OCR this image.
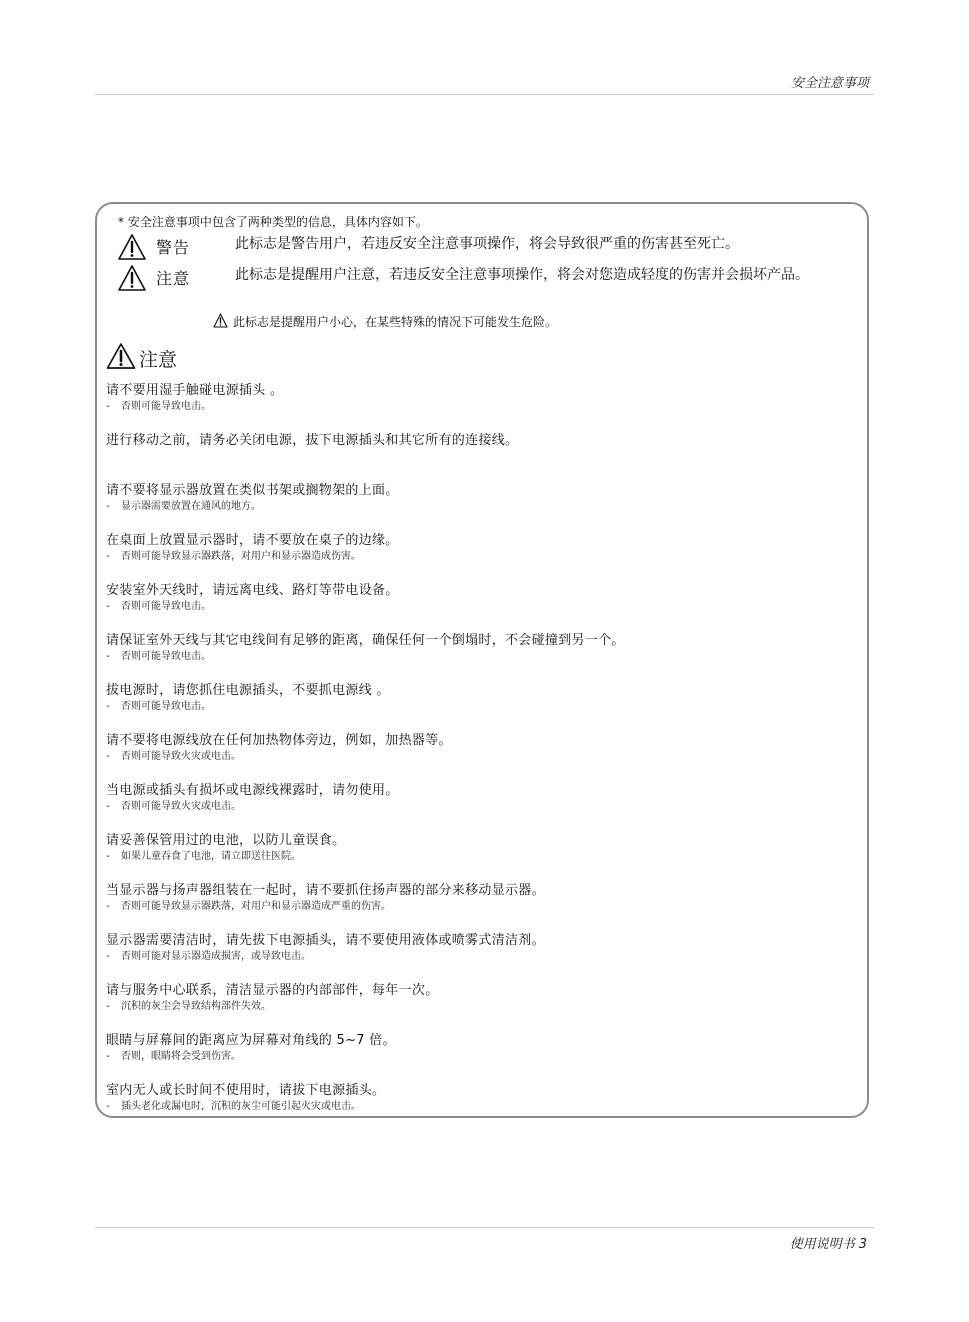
安全注意事项
* 安全注意事项中包含了两种类型的信息，具体内容如下。
警告	此标志是警告用户，若违反安全注意事项操作，将会导致很严重的伤害甚至死亡。
注意	此标志是提醒用户注意，若违反安全注意事项操作，将会对您造成轻度的伤害并会损坏产品。
此标志是提醒用户小心，在某些特殊的情况下可能发生危险。
注意
请不要用湿手触碰电源插头 。
- 否则可能导致电击。
进行移动之前，请务必关闭电源，拔下电源插头和其它所有的连接线。
请不要将显示器放置在类似书架或搁物架的上面。
- 显示器需要放置在通风的地方。
在桌面上放置显示器时，请不要放在桌子的边缘。
- 否则可能导致显示器跌落，对用户和显示器造成伤害。
安装室外天线时，请远离电线、路灯等带电设备。
- 否则可能导致电击。
请保证室外天线与其它电线间有足够的距离，确保任何一个倒塌时，不会碰撞到另一个。
- 否则可能导致电击。
拔电源时，请您抓住电源插头，不要抓电源线 。
- 否则可能导致电击。
请不要将电源线放在任何加热物体旁边，例如，加热器等。
- 否则可能导致火灾或电击。
当电源或插头有损坏或电源线裸露时，请勿使用。
- 否则可能导致火灾或电击。
请妥善保管用过的电池，以防儿童误食。
- 如果儿童吞食了电池，请立即送往医院。
当显示器与扬声器组装在一起时，请不要抓住扬声器的部分来移动显示器。
- 否则可能导致显示器跌落，对用户和显示器造成严重的伤害。
显示器需要清洁时，请先拔下电源插头，请不要使用液体或喷雾式清洁剂。
- 否则可能对显示器造成损害，或导致电击。
请与服务中心联系，清洁显示器的内部部件，每年一次。
- 沉积的灰尘会导致结构部件失效。
眼睛与屏幕间的距离应为屏幕对角线的 5~7 倍。
- 否则，眼睛将会受到伤害。
室内无人或长时间不使用时，请拔下电源插头。
- 插头老化或漏电时，沉积的灰尘可能引起火灾或电击。
使用说明书 3
